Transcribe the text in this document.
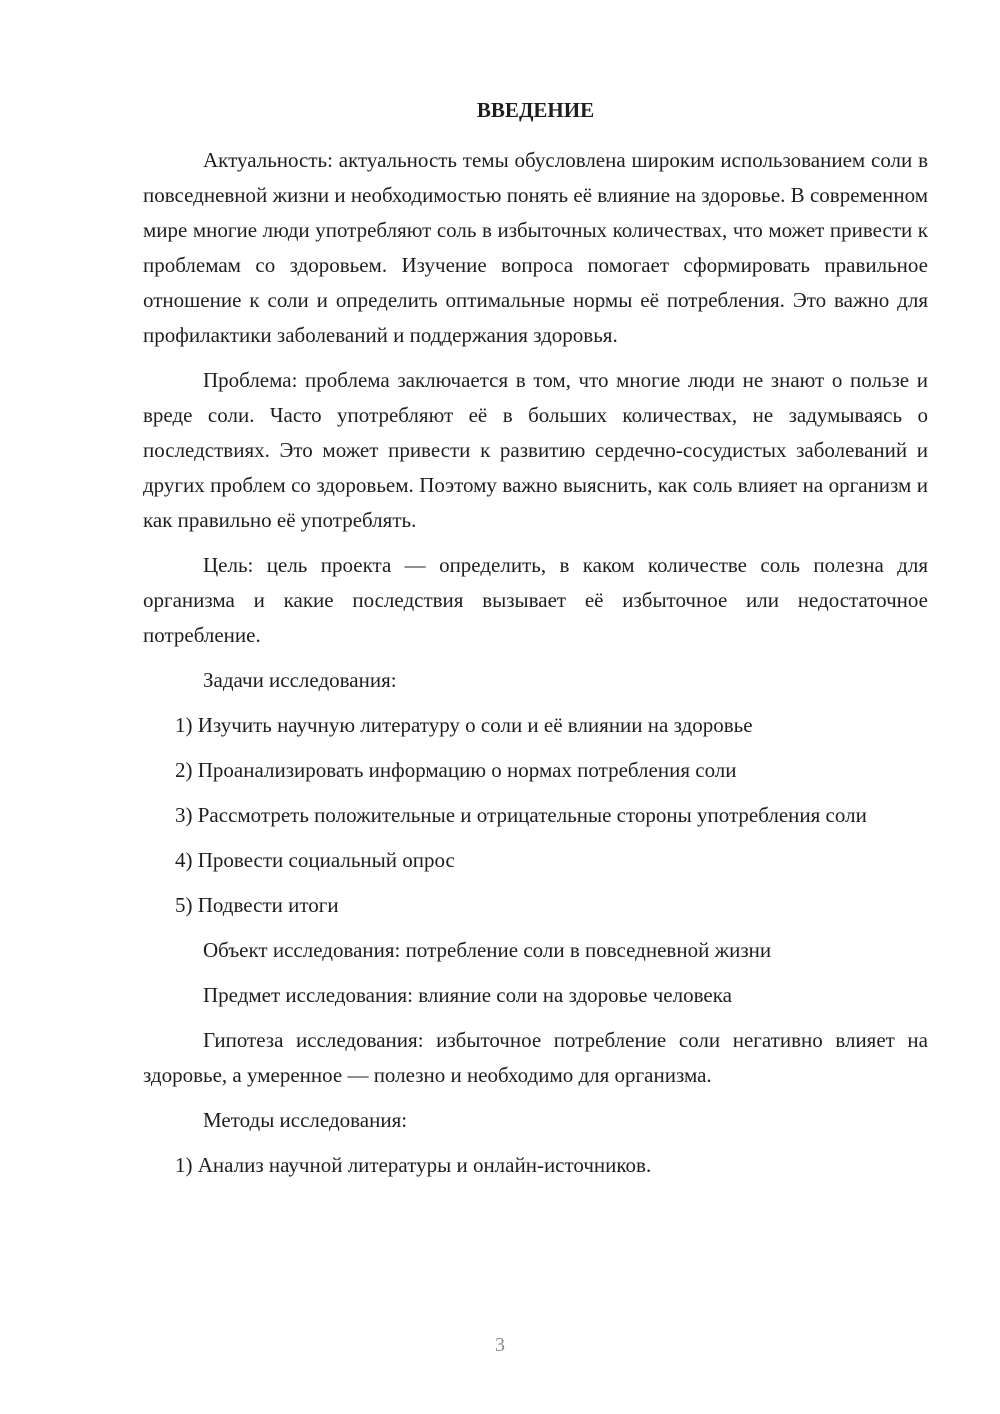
ВВЕДЕНИЕ

Актуальность: актуальность темы обусловлена широким использованием соли в повседневной жизни и необходимостью понять её влияние на здоровье. В современном мире многие люди употребляют соль в избыточных количествах, что может привести к проблемам со здоровьем. Изучение вопроса помогает сформировать правильное отношение к соли и определить оптимальные нормы её потребления. Это важно для профилактики заболеваний и поддержания здоровья.

Проблема: проблема заключается в том, что многие люди не знают о пользе и вреде соли. Часто употребляют её в больших количествах, не задумываясь о последствиях. Это может привести к развитию сердечно-сосудистых заболеваний и других проблем со здоровьем. Поэтому важно выяснить, как соль влияет на организм и как правильно её употреблять.

Цель: цель проекта — определить, в каком количестве соль полезна для организма и какие последствия вызывает её избыточное или недостаточное потребление.

Задачи исследования:

1) Изучить научную литературу о соли и её влиянии на здоровье

2) Проанализировать информацию о нормах потребления соли

3) Рассмотреть положительные и отрицательные стороны употребления соли

4) Провести социальный опрос

5) Подвести итоги

Объект исследования: потребление соли в повседневной жизни

Предмет исследования: влияние соли на здоровье человека

Гипотеза исследования: избыточное потребление соли негативно влияет на здоровье, а умеренное — полезно и необходимо для организма.

Методы исследования:

1) Анализ научной литературы и онлайн-источников.

3
